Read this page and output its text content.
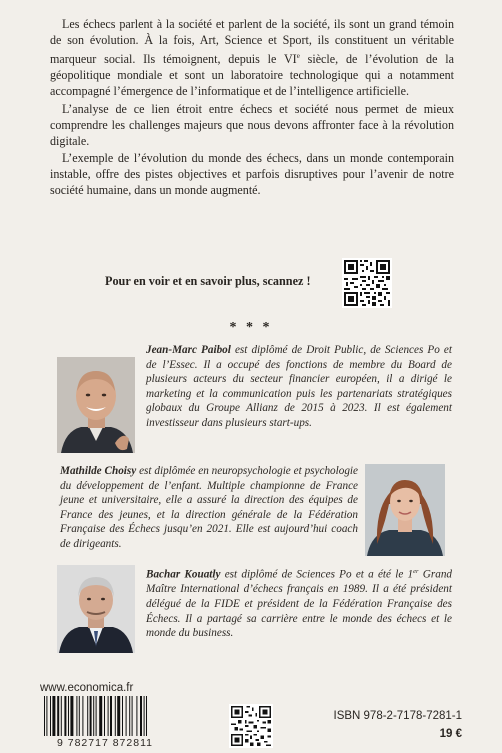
Les échecs parlent à la société et parlent de la société, ils sont un grand témoin de son évolution. À la fois, Art, Science et Sport, ils constituent un véritable marqueur social. Ils témoignent, depuis le VIe siècle, de l’évolution de la géopolitique mondiale et sont un laboratoire technologique qui a notamment accompagné l’émergence de l’informatique et de l’intelligence artificielle.

L’analyse de ce lien étroit entre échecs et société nous permet de mieux comprendre les challenges majeurs que nous devons affronter face à la révolution digitale.

L’exemple de l’évolution du monde des échecs, dans un monde contemporain instable, offre des pistes objectives et parfois disruptives pour l’avenir de notre société humaine, dans un monde augmenté.

Pour en voir et en savoir plus, scannez !
* * *
Jean-Marc Paibol est diplômé de Droit Public, de Sciences Po et de l’Essec. Il a occupé des fonctions de membre du Board de plusieurs acteurs du secteur financier européen, il a dirigé le marketing et la communication puis les partenariats stratégiques globaux du Groupe Allianz de 2015 à 2023. Il est également investisseur dans plusieurs start-ups.
Mathilde Choisy est diplômée en neuropsychologie et psychologie du développement de l’enfant. Multiple championne de France jeune et universitaire, elle a assuré la direction des équipes de France des jeunes, et la direction générale de la Fédération Française des Échecs jusqu’en 2021. Elle est aujourd’hui coach de dirigeants.
Bachar Kouatly est diplômé de Sciences Po et a été le 1er Grand Maître International d’échecs français en 1989. Il a été président délégué de la FIDE et président de la Fédération Française des Échecs. Il a partagé sa carrière entre le monde des échecs et le monde du business.
www.economica.fr
9 782717 872811
ISBN 978-2-7178-7281-1
19 €
